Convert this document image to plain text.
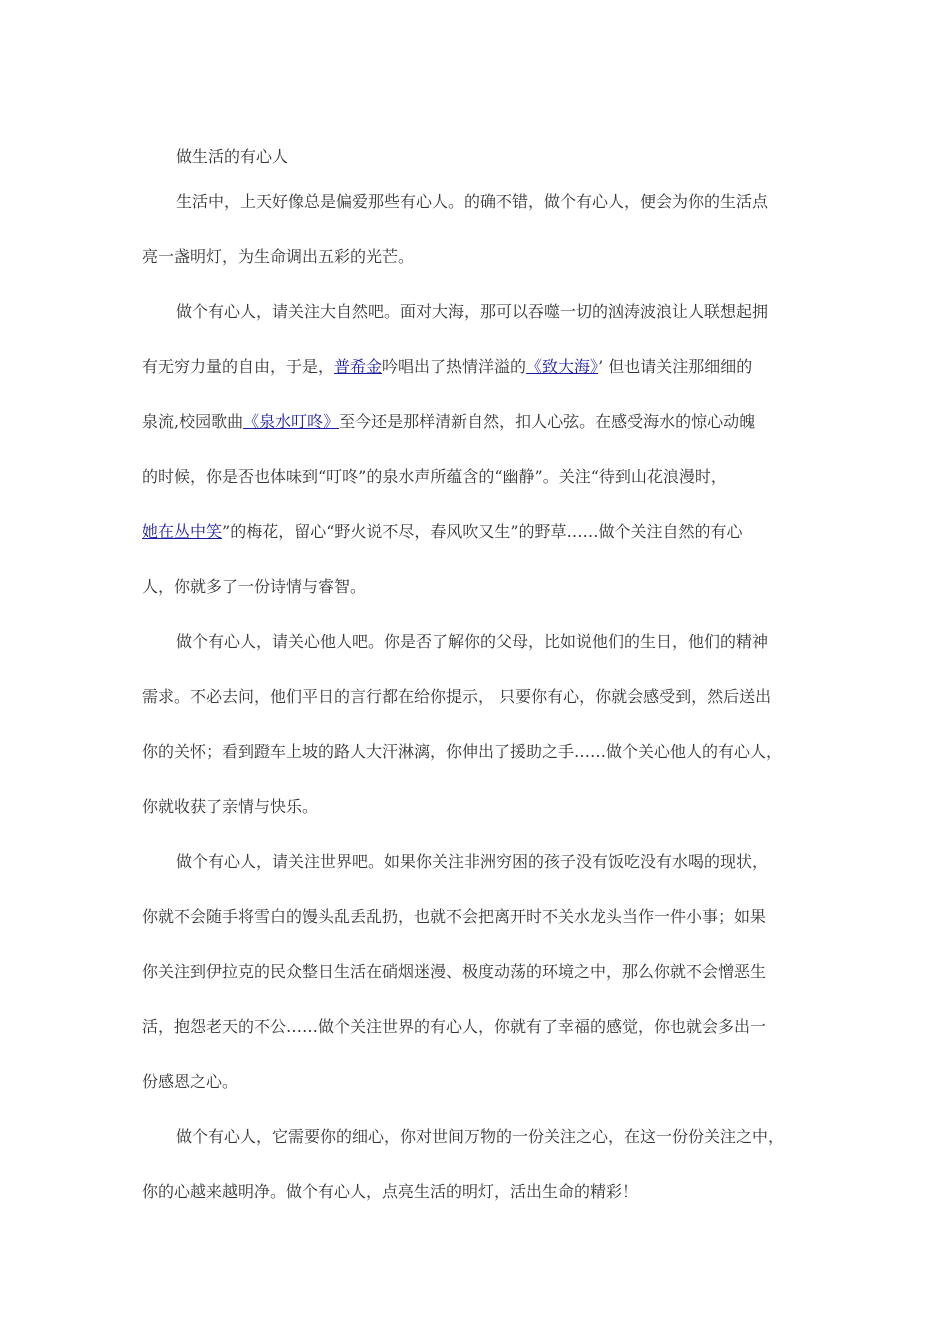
做生活的有心人
生活中，上天好像总是偏爱那些有心人。的确不错，做个有心人，便会为你的生活点
亮一盏明灯，为生命调出五彩的光芒。
做个有心人，请关注大自然吧。面对大海，那可以吞噬一切的汹涛波浪让人联想起拥
有无穷力量的自由，于是，普希金吟唱出了热情洋溢的《致大海》’ 但也请关注那细细的
泉流,校园歌曲《泉水叮咚》至今还是那样清新自然，扣人心弦。在感受海水的惊心动魄
的时候，你是否也体味到“叮咚”的泉水声所蕴含的“幽静”。关注“待到山花浪漫时，
她在丛中笑”的梅花，留心“野火说不尽，春风吹又生”的野草……做个关注自然的有心
人，你就多了一份诗情与睿智。
做个有心人，请关心他人吧。你是否了解你的父母，比如说他们的生日，他们的精神
需求。不必去问，他们平日的言行都在给你提示， 只要你有心，你就会感受到，然后送出
你的关怀；看到蹬车上坡的路人大汗淋漓，你伸出了援助之手……做个关心他人的有心人，
你就收获了亲情与快乐。
做个有心人，请关注世界吧。如果你关注非洲穷困的孩子没有饭吃没有水喝的现状，
你就不会随手将雪白的馒头乱丢乱扔，也就不会把离开时不关水龙头当作一件小事；如果
你关注到伊拉克的民众整日生活在硝烟迷漫、极度动荡的环境之中，那么你就不会憎恶生
活，抱怨老天的不公……做个关注世界的有心人，你就有了幸福的感觉，你也就会多出一
份感恩之心。
做个有心人，它需要你的细心，你对世间万物的一份关注之心，在这一份份关注之中，
你的心越来越明净。做个有心人，点亮生活的明灯，活出生命的精彩！
